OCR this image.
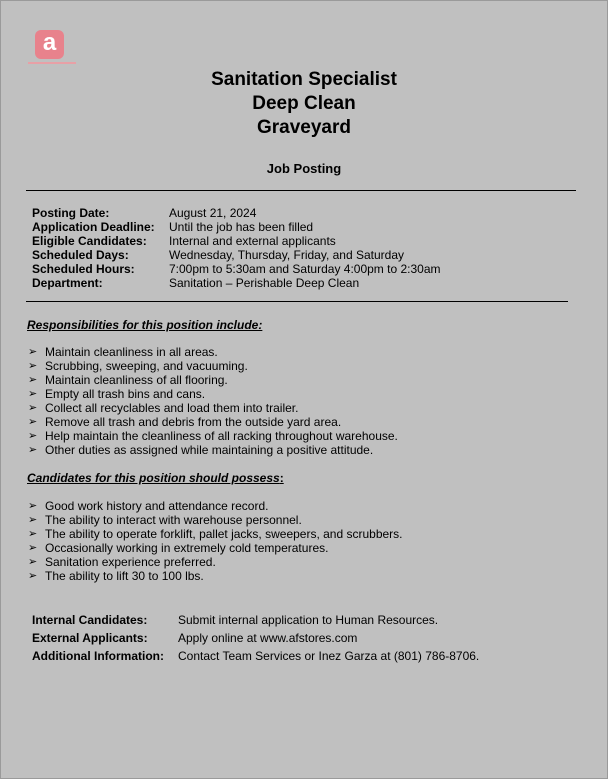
a
Sanitation Specialist
Deep Clean
Graveyard
Job Posting
Posting Date:	August 21, 2024
Application Deadline:	Until the job has been filled
Eligible Candidates:	Internal and external applicants
Scheduled Days:	Wednesday, Thursday, Friday, and Saturday
Scheduled Hours:	7:00pm to 5:30am and Saturday 4:00pm to 2:30am
Department:	Sanitation – Perishable Deep Clean
Responsibilities for this position include:
➢ Maintain cleanliness in all areas.
➢ Scrubbing, sweeping, and vacuuming.
➢ Maintain cleanliness of all flooring.
➢ Empty all trash bins and cans.
➢ Collect all recyclables and load them into trailer.
➢ Remove all trash and debris from the outside yard area.
➢ Help maintain the cleanliness of all racking throughout warehouse.
➢ Other duties as assigned while maintaining a positive attitude.
Candidates for this position should possess:
➢ Good work history and attendance record.
➢ The ability to interact with warehouse personnel.
➢ The ability to operate forklift, pallet jacks, sweepers, and scrubbers.
➢ Occasionally working in extremely cold temperatures.
➢ Sanitation experience preferred.
➢ The ability to lift 30 to 100 lbs.
Internal Candidates:	Submit internal application to Human Resources.
External Applicants:	Apply online at www.afstores.com
Additional Information:	Contact Team Services or Inez Garza at (801) 786-8706.
